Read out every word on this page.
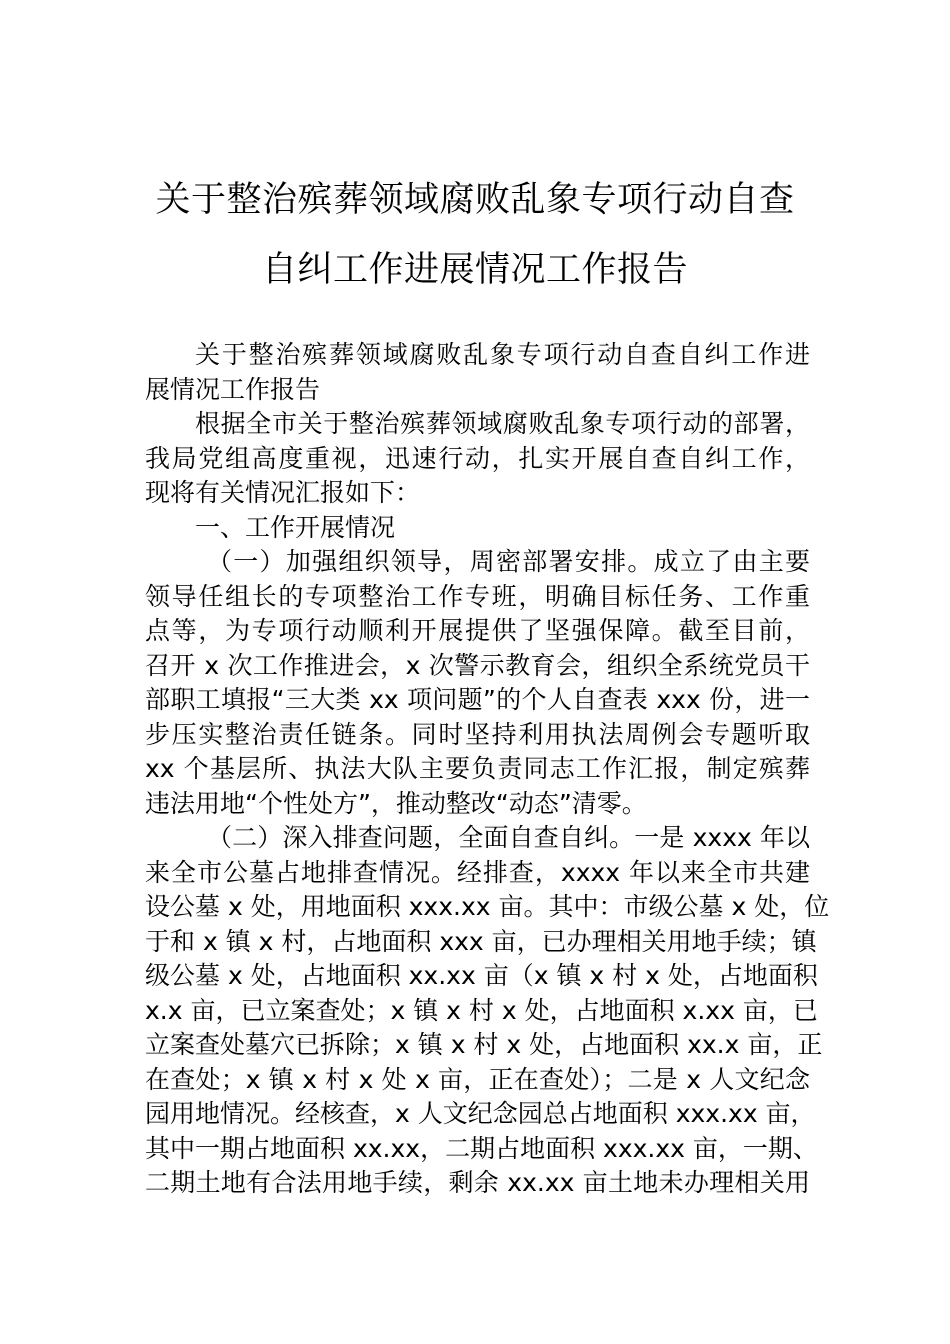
关于整治殡葬领域腐败乱象专项行动自查
自纠工作进展情况工作报告
关于整治殡葬领域腐败乱象专项行动自查自纠工作进
展情况工作报告
根据全市关于整治殡葬领域腐败乱象专项行动的部署，
我局党组高度重视，迅速行动，扎实开展自查自纠工作，
现将有关情况汇报如下：
一、工作开展情况
（一）加强组织领导，周密部署安排。成立了由主要
领导任组长的专项整治工作专班，明确目标任务、工作重
点等，为专项行动顺利开展提供了坚强保障。截至目前，
召开 x 次工作推进会，x 次警示教育会，组织全系统党员干
部职工填报“三大类 xx 项问题”的个人自查表 xxx 份，进一
步压实整治责任链条。同时坚持利用执法周例会专题听取
xx 个基层所、执法大队主要负责同志工作汇报，制定殡葬
违法用地“个性处方”，推动整改“动态”清零。
（二）深入排查问题，全面自查自纠。一是 xxxx 年以
来全市公墓占地排查情况。经排查，xxxx 年以来全市共建
设公墓 x 处，用地面积 xxx.xx 亩。其中：市级公墓 x 处，位
于和 x 镇 x 村，占地面积 xxx 亩，已办理相关用地手续；镇
级公墓 x 处，占地面积 xx.xx 亩（x 镇 x 村 x 处，占地面积
x.x 亩，已立案查处；x 镇 x 村 x 处，占地面积 x.xx 亩，已
立案查处墓穴已拆除；x 镇 x 村 x 处，占地面积 xx.x 亩，正
在查处；x 镇 x 村 x 处 x 亩，正在查处）；二是 x 人文纪念
园用地情况。经核查，x 人文纪念园总占地面积 xxx.xx 亩，
其中一期占地面积 xx.xx，二期占地面积 xxx.xx 亩，一期、
二期土地有合法用地手续，剩余 xx.xx 亩土地未办理相关用
